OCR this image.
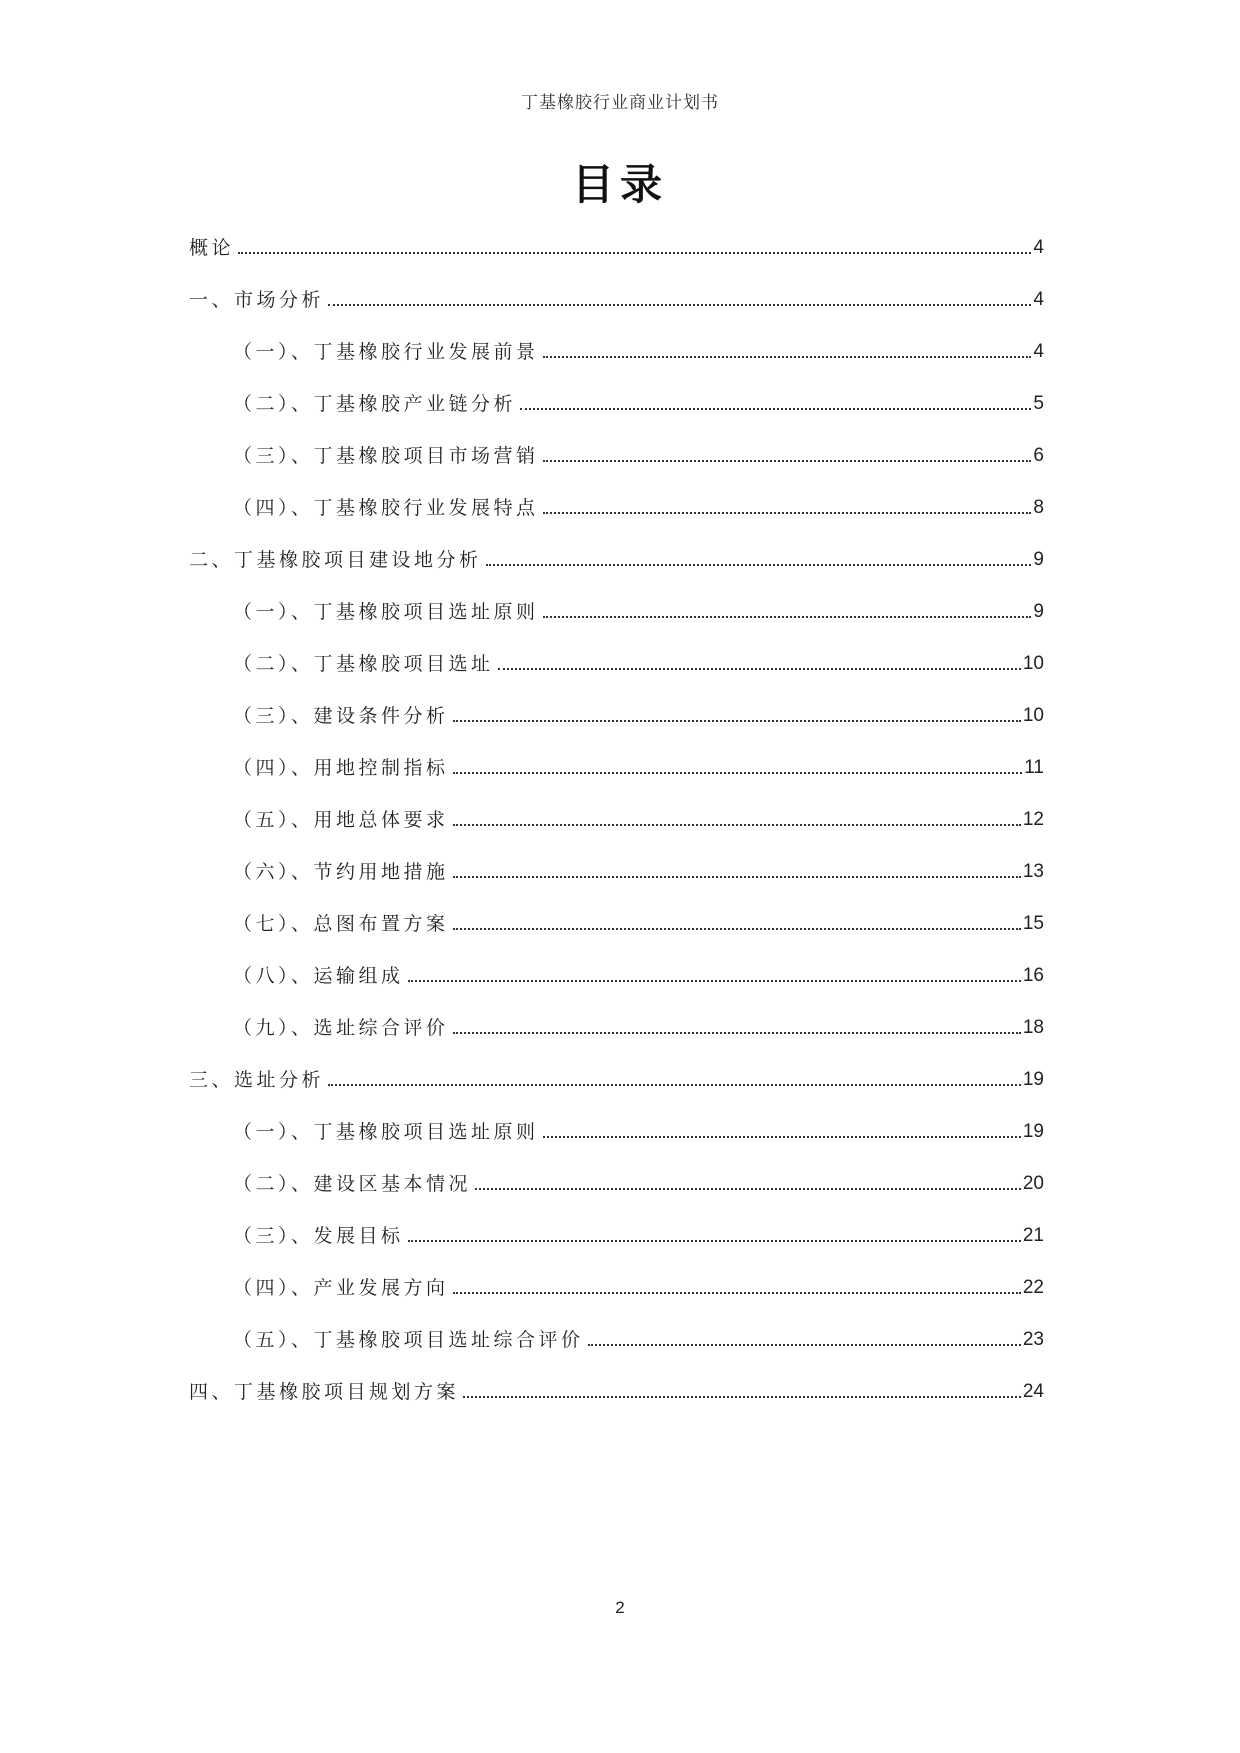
丁基橡胶行业商业计划书
目录
概论	4
一、市场分析	4
（一）、丁基橡胶行业发展前景	4
（二）、丁基橡胶产业链分析	5
（三）、丁基橡胶项目市场营销	6
（四）、丁基橡胶行业发展特点	8
二、丁基橡胶项目建设地分析	9
（一）、丁基橡胶项目选址原则	9
（二）、丁基橡胶项目选址	10
（三）、建设条件分析	10
（四）、用地控制指标	11
（五）、用地总体要求	12
（六）、节约用地措施	13
（七）、总图布置方案	15
（八）、运输组成	16
（九）、选址综合评价	18
三、选址分析	19
（一）、丁基橡胶项目选址原则	19
（二）、建设区基本情况	20
（三）、发展目标	21
（四）、产业发展方向	22
（五）、丁基橡胶项目选址综合评价	23
四、丁基橡胶项目规划方案	24
2
